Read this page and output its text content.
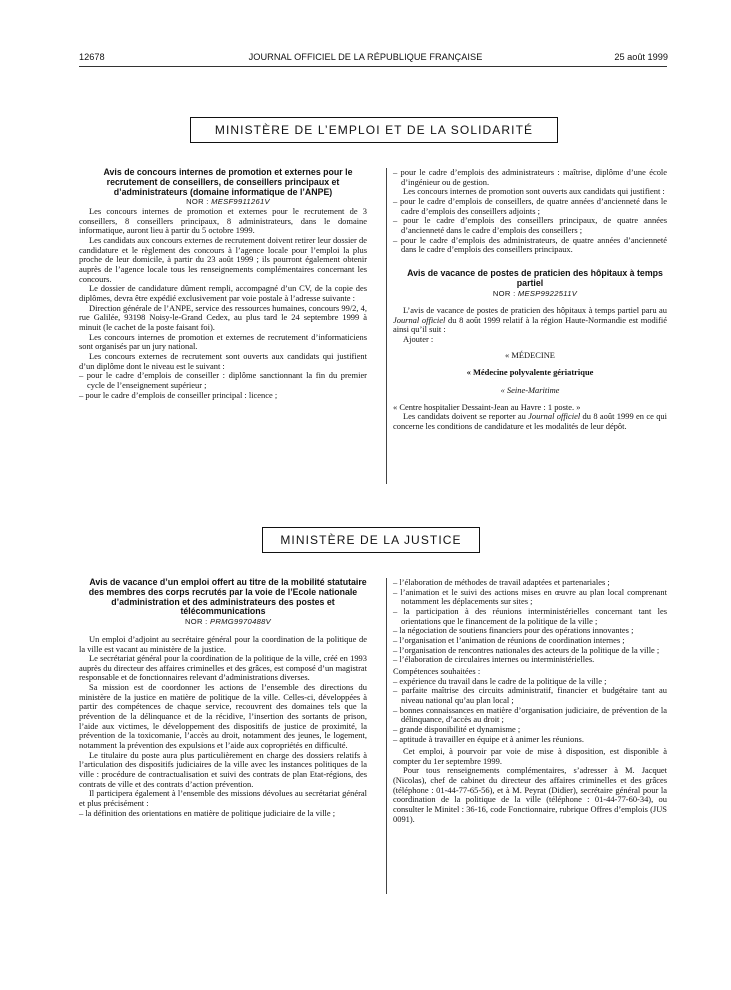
12678	JOURNAL OFFICIEL DE LA RÉPUBLIQUE FRANÇAISE	25 août 1999
MINISTÈRE DE L’EMPLOI ET DE LA SOLIDARITÉ

Avis de concours internes de promotion et externes pour le recrutement de conseillers, de conseillers principaux et d’administrateurs (domaine informatique de l’ANPE)

NOR : MESF9911261V

Les concours internes de promotion et externes pour le recrutement de 3 conseillers, 8 conseillers principaux, 8 administrateurs, dans le domaine informatique, auront lieu à partir du 5 octobre 1999.

Les candidats aux concours externes de recrutement doivent retirer leur dossier de candidature et le règlement des concours à l’agence locale pour l’emploi la plus proche de leur domicile, à partir du 23 août 1999 ; ils pourront également obtenir auprès de l’agence locale tous les renseignements complémentaires concernant les concours.

Le dossier de candidature dûment rempli, accompagné d’un CV, de la copie des diplômes, devra être expédié exclusivement par voie postale à l’adresse suivante :

Direction générale de l’ANPE, service des ressources humaines, concours 99/2, 4, rue Galilée, 93198 Noisy-le-Grand Cedex, au plus tard le 24 septembre 1999 à minuit (le cachet de la poste faisant foi).

Les concours internes de promotion et externes de recrutement d’informaticiens sont organisés par un jury national.

Les concours externes de recrutement sont ouverts aux candidats qui justifient d’un diplôme dont le niveau est le suivant :

– pour le cadre d’emplois de conseiller : diplôme sanctionnant la fin du premier cycle de l’enseignement supérieur ;

– pour le cadre d’emplois de conseiller principal : licence ;

– pour le cadre d’emplois des administrateurs : maîtrise, diplôme d’une école d’ingénieur ou de gestion.

Les concours internes de promotion sont ouverts aux candidats qui justifient :

– pour le cadre d’emplois de conseillers, de quatre années d’ancienneté dans le cadre d’emplois des conseillers adjoints ;

– pour le cadre d’emplois des conseillers principaux, de quatre années d’ancienneté dans le cadre d’emplois des conseillers ;

– pour le cadre d’emplois des administrateurs, de quatre années d’ancienneté dans le cadre d’emplois des conseillers principaux.

Avis de vacance de postes de praticien des hôpitaux à temps partiel

NOR : MESP9922511V

L’avis de vacance de postes de praticien des hôpitaux à temps partiel paru au Journal officiel du 8 août 1999 relatif à la région Haute-Normandie est modifié ainsi qu’il suit :

Ajouter :

« MÉDECINE

« Médecine polyvalente gériatrique

« Seine-Maritime

« Centre hospitalier Dessaint-Jean au Havre : 1 poste. »

Les candidats doivent se reporter au Journal officiel du 8 août 1999 en ce qui concerne les conditions de candidature et les modalités de leur dépôt.

MINISTÈRE DE LA JUSTICE

Avis de vacance d’un emploi offert au titre de la mobilité statutaire des membres des corps recrutés par la voie de l’Ecole nationale d’administration et des administrateurs des postes et télécommunications

NOR : PRMG9970488V

Un emploi d’adjoint au secrétaire général pour la coordination de la politique de la ville est vacant au ministère de la justice.

Le secrétariat général pour la coordination de la politique de la ville, créé en 1993 auprès du directeur des affaires criminelles et des grâces, est composé d’un magistrat responsable et de fonctionnaires relevant d’administrations diverses.

Sa mission est de coordonner les actions de l’ensemble des directions du ministère de la justice en matière de politique de la ville. Celles-ci, développées à partir des compétences de chaque service, recouvrent des domaines tels que la prévention de la délinquance et de la récidive, l’insertion des sortants de prison, l’aide aux victimes, le développement des dispositifs de justice de proximité, la prévention de la toxicomanie, l’accès au droit, notamment des jeunes, le logement, notamment la prévention des expulsions et l’aide aux copropriétés en difficulté.

Le titulaire du poste aura plus particulièrement en charge des dossiers relatifs à l’articulation des dispositifs judiciaires de la ville avec les instances politiques de la ville : procédure de contractualisation et suivi des contrats de plan Etat-régions, des contrats de ville et des contrats d’action prévention.

Il participera également à l’ensemble des missions dévolues au secrétariat général et plus précisément :

– la définition des orientations en matière de politique judiciaire de la ville ;

– l’élaboration de méthodes de travail adaptées et partenariales ;

– l’animation et le suivi des actions mises en œuvre au plan local comprenant notamment les déplacements sur sites ;

– la participation à des réunions interministérielles concernant tant les orientations que le financement de la politique de la ville ;

– la négociation de soutiens financiers pour des opérations innovantes ;

– l’organisation et l’animation de réunions de coordination internes ;

– l’organisation de rencontres nationales des acteurs de la politique de la ville ;

– l’élaboration de circulaires internes ou interministérielles.

Compétences souhaitées :

– expérience du travail dans le cadre de la politique de la ville ;

– parfaite maîtrise des circuits administratif, financier et budgétaire tant au niveau national qu’au plan local ;

– bonnes connaissances en matière d’organisation judiciaire, de prévention de la délinquance, d’accès au droit ;

– grande disponibilité et dynamisme ;

– aptitude à travailler en équipe et à animer les réunions.

Cet emploi, à pourvoir par voie de mise à disposition, est disponible à compter du 1er septembre 1999.

Pour tous renseignements complémentaires, s’adresser à M. Jacquet (Nicolas), chef de cabinet du directeur des affaires criminelles et des grâces (téléphone : 01-44-77-65-56), et à M. Peyrat (Didier), secrétaire général pour la coordination de la politique de la ville (téléphone : 01-44-77-60-34), ou consulter le Minitel : 36-16, code Fonctionnaire, rubrique Offres d’emplois (JUS 0091).
